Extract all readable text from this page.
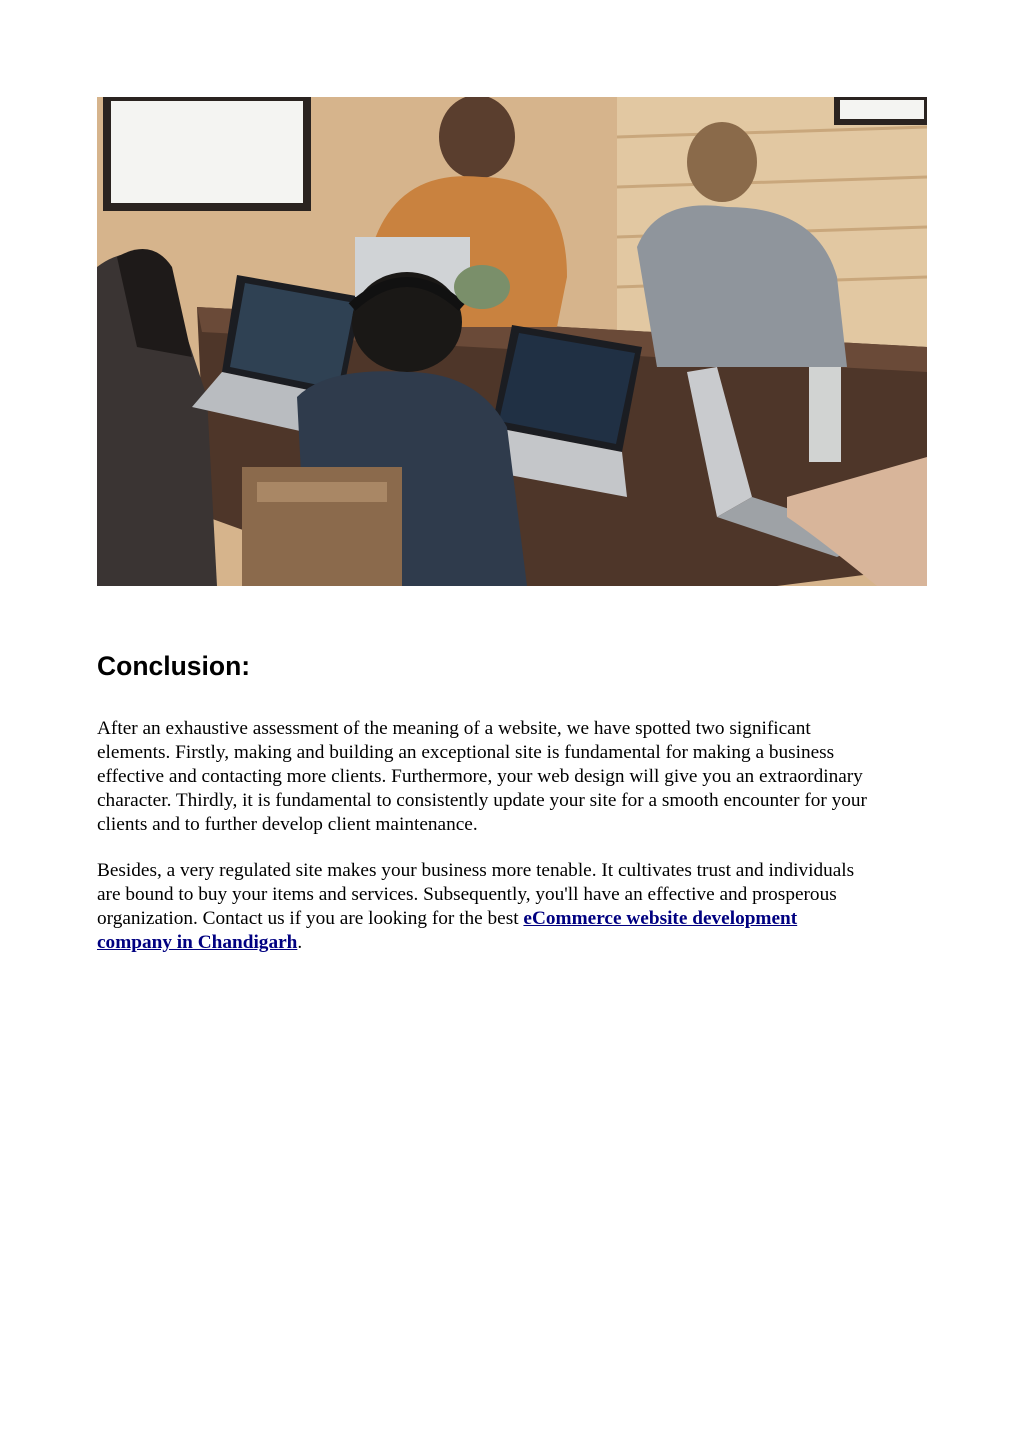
Conclusion:

After an exhaustive assessment of the meaning of a website, we have spotted two significant
elements. Firstly, making and building an exceptional site is fundamental for making a business
effective and contacting more clients. Furthermore, your web design will give you an extraordinary
character. Thirdly, it is fundamental to consistently update your site for a smooth encounter for your
clients and to further develop client maintenance.

Besides, a very regulated site makes your business more tenable. It cultivates trust and individuals
are bound to buy your items and services. Subsequently, you'll have an effective and prosperous
organization. Contact us if you are looking for the best eCommerce website development
company in Chandigarh.
